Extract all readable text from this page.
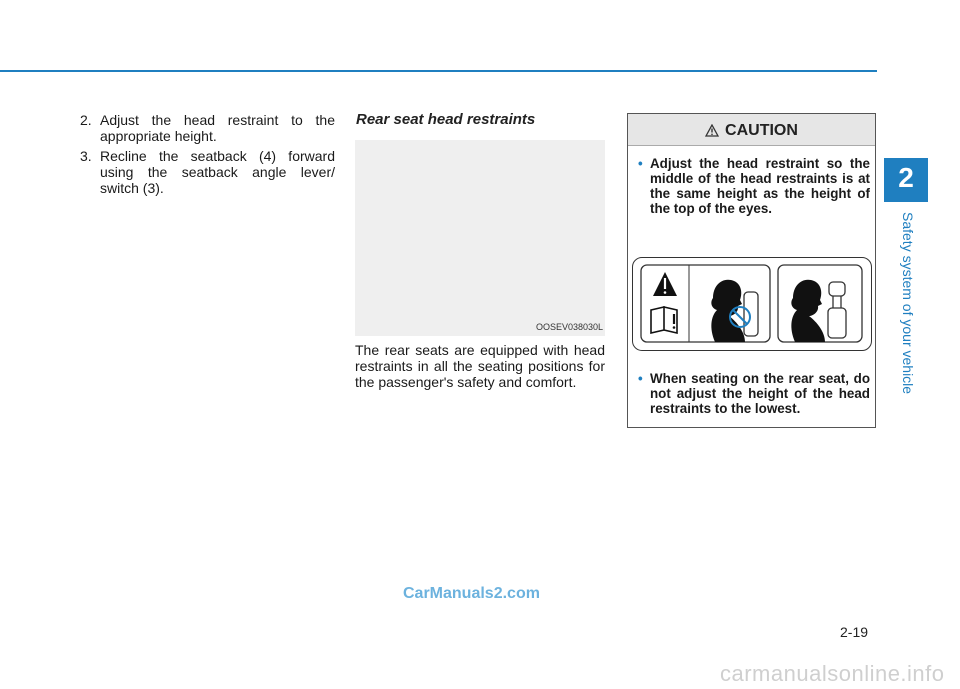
2
Safety system of your vehicle
2. Adjust the head restraint to the appropriate height.
3. Recline the seatback (4) forward using the seatback angle lever/ switch (3).
Rear seat head restraints
OOSEV038030L
The rear seats are equipped with head restraints in all the seating positions for the passenger's safety and comfort.
CAUTION
• Adjust the head restraint so the middle of the head restraints is at the same height as the height of the top of the eyes.
• When seating on the rear seat, do not adjust the height of the head restraints to the lowest.
CarManuals2.com
2-19
carmanualsonline.info
